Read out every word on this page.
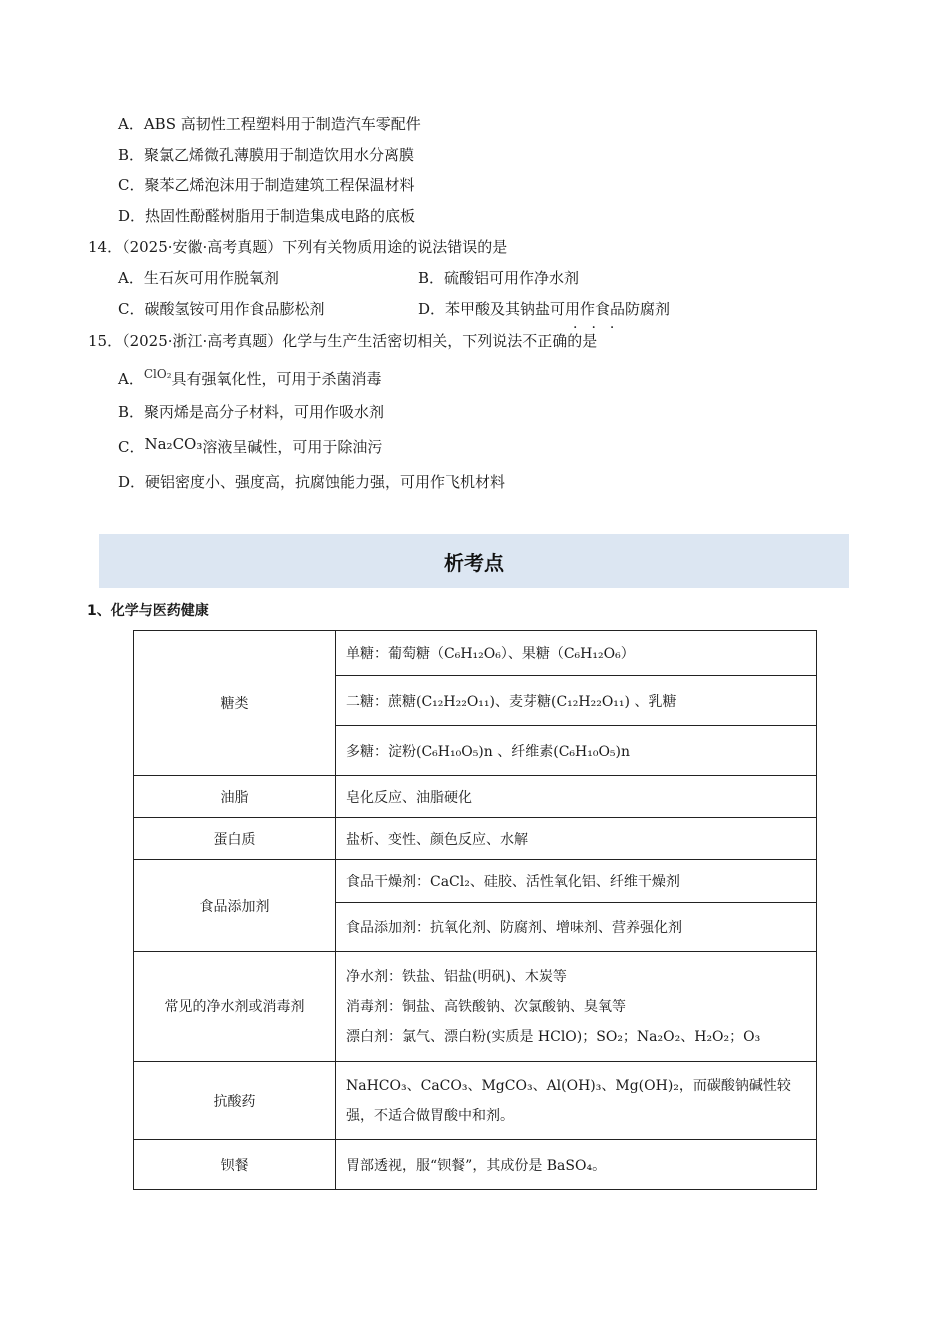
A．ABS 高韧性工程塑料用于制造汽车零配件
B．聚氯乙烯微孔薄膜用于制造饮用水分离膜
C．聚苯乙烯泡沫用于制造建筑工程保温材料
D．热固性酚醛树脂用于制造集成电路的底板
14．（2025·安徽·高考真题）下列有关物质用途的说法错误的是
A．生石灰可用作脱氧剂	B．硫酸铝可用作净水剂
C．碳酸氢铵可用作食品膨松剂	D．苯甲酸及其钠盐可用作食品防腐剂
···
15．（2025·浙江·高考真题）化学与生产生活密切相关，下列说法不正确的是
A．$^{ClO_2}$具有强氧化性，可用于杀菌消毒
B．聚丙烯是高分子材料，可用作吸水剂
C．Na₂CO₃溶液呈碱性，可用于除油污
D．硬铝密度小、强度高，抗腐蚀能力强，可用作飞机材料
析考点
1、化学与医药健康
糖类	单糖：葡萄糖（C₆H₁₂O₆）、果糖（C₆H₁₂O₆）
	二糖：蔗糖(C₁₂H₂₂O₁₁)、麦芽糖(C₁₂H₂₂O₁₁) 、乳糖
	多糖：淀粉(C₆H₁₀O₅)n 、纤维素(C₆H₁₀O₅)n
油脂	皂化反应、油脂硬化
蛋白质	盐析、变性、颜色反应、水解
食品添加剂	食品干燥剂：CaCl₂、硅胶、活性氧化铝、纤维干燥剂
	食品添加剂：抗氧化剂、防腐剂、增味剂、营养强化剂
常见的净水剂或消毒剂	净水剂：铁盐、铝盐(明矾)、木炭等
消毒剂：铜盐、高铁酸钠、次氯酸钠、臭氧等
漂白剂：氯气、漂白粉(实质是 HClO)；SO₂；Na₂O₂、H₂O₂；O₃

抗酸药	NaHCO₃、CaCO₃、MgCO₃、Al(OH)₃、Mg(OH)₂，而碳酸钠碱性较
强，不适合做胃酸中和剂。

钡餐	胃部透视，服“钡餐”，其成份是 BaSO₄。
